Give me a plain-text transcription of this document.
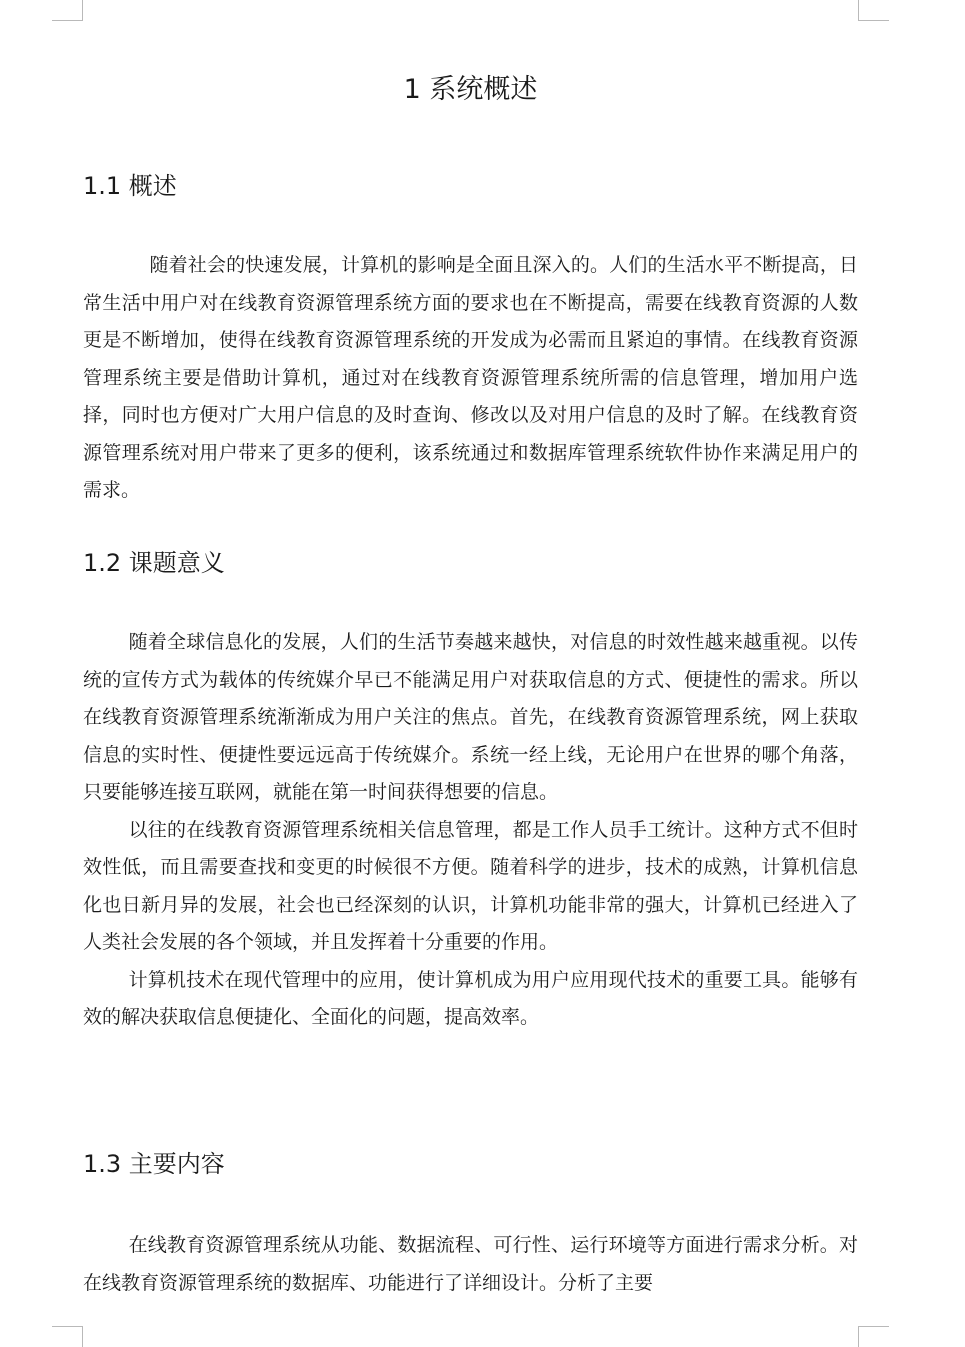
1 系统概述
1.1 概述

随着社会的快速发展，计算机的影响是全面且深入的。人们的生活水平不断提高，日常生活中用户对在线教育资源管理系统方面的要求也在不断提高，需要在线教育资源的人数更是不断增加，使得在线教育资源管理系统的开发成为必需而且紧迫的事情。在线教育资源管理系统主要是借助计算机，通过对在线教育资源管理系统所需的信息管理，增加用户选择，同时也方便对广大用户信息的及时查询、修改以及对用户信息的及时了解。在线教育资源管理系统对用户带来了更多的便利，该系统通过和数据库管理系统软件协作来满足用户的需求。

1.2 课题意义

随着全球信息化的发展，人们的生活节奏越来越快，对信息的时效性越来越重视。以传统的宣传方式为载体的传统媒介早已不能满足用户对获取信息的方式、便捷性的需求。所以在线教育资源管理系统渐渐成为用户关注的焦点。首先，在线教育资源管理系统，网上获取信息的实时性、便捷性要远远高于传统媒介。系统一经上线，无论用户在世界的哪个角落，只要能够连接互联网，就能在第一时间获得想要的信息。

以往的在线教育资源管理系统相关信息管理，都是工作人员手工统计。这种方式不但时效性低，而且需要查找和变更的时候很不方便。随着科学的进步，技术的成熟，计算机信息化也日新月异的发展，社会也已经深刻的认识，计算机功能非常的强大，计算机已经进入了人类社会发展的各个领域，并且发挥着十分重要的作用。

计算机技术在现代管理中的应用，使计算机成为用户应用现代技术的重要工具。能够有效的解决获取信息便捷化、全面化的问题，提高效率。

1.3 主要内容

在线教育资源管理系统从功能、数据流程、可行性、运行环境等方面进行需求分析。对在线教育资源管理系统的数据库、功能进行了详细设计。分析了主要
